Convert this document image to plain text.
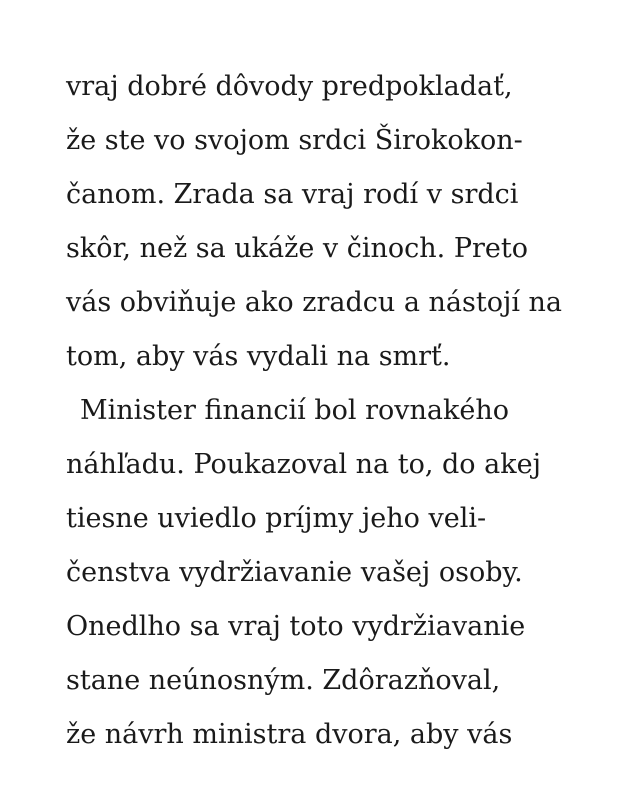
vraj dobré dôvody predpokladať,
že ste vo svojom srdci Širokokon-
čanom. Zrada sa vraj rodí v srdci
skôr, než sa ukáže v činoch. Preto
vás obviňuje ako zradcu a nástojí na
tom, aby vás vydali na smrť.
Minister financií bol rovnakého
náhľadu. Poukazoval na to, do akej
tiesne uviedlo príjmy jeho veli-
čenstva vydržiavanie vašej osoby.
Onedlho sa vraj toto vydržiavanie
stane neúnosným. Zdôrazňoval,
že návrh ministra dvora, aby vás
